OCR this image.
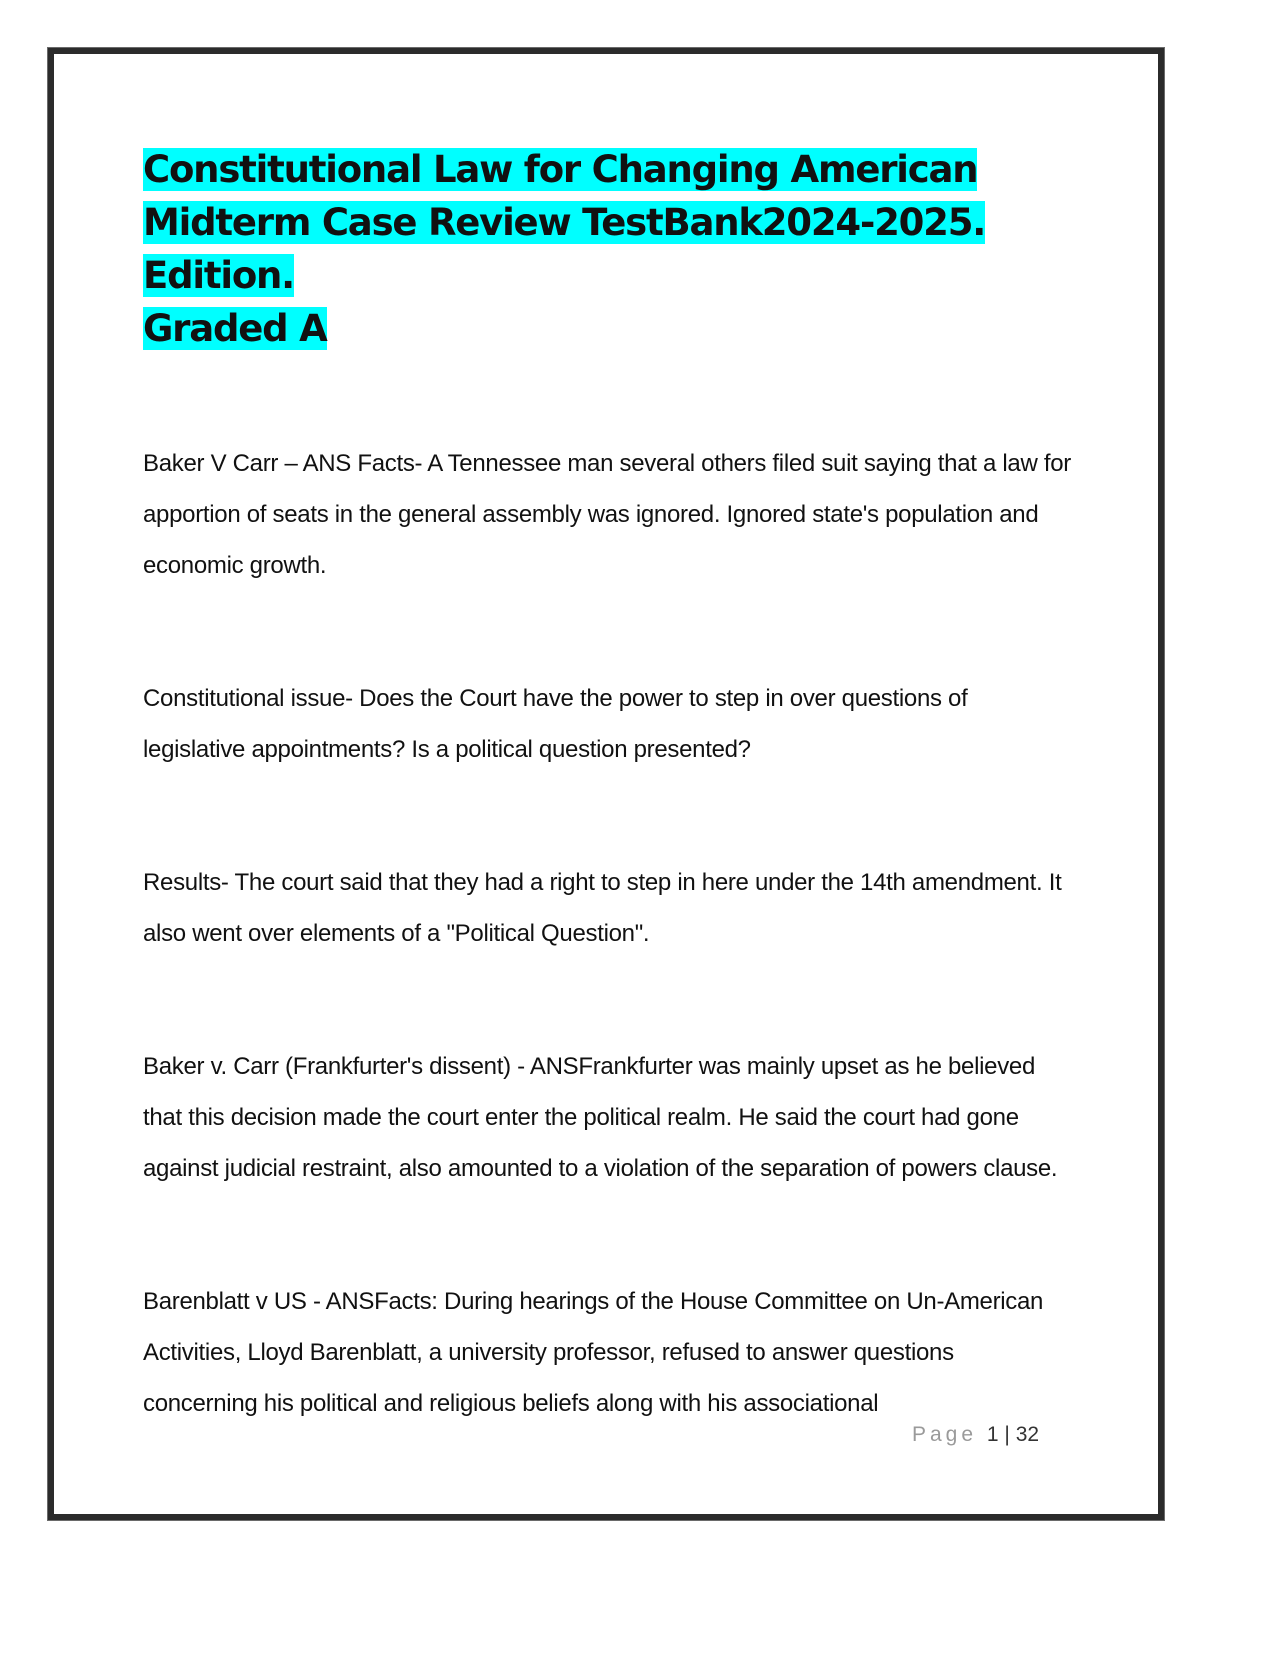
Constitutional Law for Changing American
Midterm Case Review TestBank2024-2025. Edition.
Graded A

Baker V Carr – ANS Facts- A Tennessee man several others filed suit saying that a law for apportion of seats in the general assembly was ignored. Ignored state's population and economic growth.

Constitutional issue- Does the Court have the power to step in over questions of legislative appointments? Is a political question presented?

Results- The court said that they had a right to step in here under the 14th amendment. It also went over elements of a "Political Question".

Baker v. Carr (Frankfurter's dissent) - ANSFrankfurter was mainly upset as he believed that this decision made the court enter the political realm. He said the court had gone against judicial restraint, also amounted to a violation of the separation of powers clause.

Barenblatt v US - ANSFacts: During hearings of the House Committee on Un-American Activities, Lloyd Barenblatt, a university professor, refused to answer questions concerning his political and religious beliefs along with his associational

Page 1 | 32
